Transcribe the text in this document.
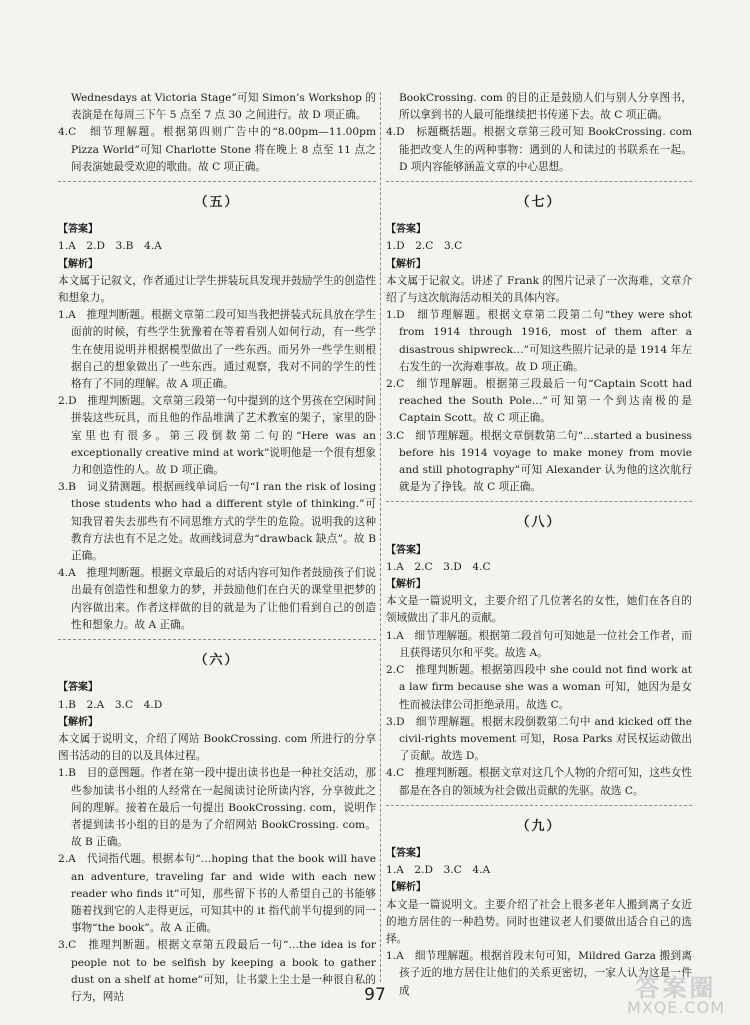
Wednesdays at Victoria Stage”可知 Simon’s Workshop 的表演是在每周三下午 5 点至 7 点 30 之间进行。故 D 项正确。

4.C　细节理解题。根据第四则广告中的“8.00pm—11.00pm Pizza World”可知 Charlotte Stone 将在晚上 8 点至 11 点之间表演她最受欢迎的歌曲。故 C 项正确。

（五）
【答案】

1.A　2.D　3.B　4.A

【解析】

本文属于记叙文，作者通过让学生拼装玩具发现并鼓励学生的创造性和想象力。

1.A　推理判断题。根据文章第二段可知当我把拼装式玩具放在学生面前的时候，有些学生犹豫着在等着看别人如何行动，有一些学生在使用说明并根据模型做出了一些东西。而另外一些学生则根据自己的想象做出了一些东西。通过观察，我对不同的学生的性格有了不同的理解。故 A 项正确。

2.D　推理判断题。文章第三段第一句中提到的这个男孩在空闲时间拼装这些玩具，而且他的作品堆满了艺术教室的架子，家里的卧室里也有很多。第三段倒数第二句的“Here was an exceptionally creative mind at work”说明他是一个很有想象力和创造性的人。故 D 项正确。

3.B　词义猜测题。根据画线单词后一句“I ran the risk of losing those students who had a different style of thinking.”可知我冒着失去那些有不同思维方式的学生的危险。说明我的这种教育方法也有不足之处。故画线词意为“drawback 缺点”。故 B 正确。

4.A　推理判断题。根据文章最后的对话内容可知作者鼓励孩子们说出最有创造性和想象力的梦，并鼓励他们在白天的课堂里把梦的内容做出来。作者这样做的目的就是为了让他们看到自己的创造性和想象力。故 A 正确。

（六）
【答案】

1.B　2.A　3.C　4.D

【解析】

本文属于说明文，介绍了网站 BookCrossing. com 所进行的分享图书活动的目的以及具体过程。

1.B　目的意图题。作者在第一段中提出读书也是一种社交活动，那些参加读书小组的人经常在一起阅读讨论所读内容，分享彼此之间的理解。接着在最后一句提出 BookCrossing. com，说明作者提到读书小组的目的是为了介绍网站 BookCrossing. com。故 B 正确。

2.A　代词指代题。根据本句“…hoping that the book will have an adventure, traveling far and wide with each new reader who finds it”可知，那些留下书的人希望自己的书能够随着找到它的人走得更远，可知其中的 it 指代前半句提到的同一事物“the book”。故 A 正确。

3.C　推理判断题。根据文章第五段最后一句“…the idea is for people not to be selfish by keeping a book to gather dust on a shelf at home”可知，让书蒙上尘土是一种很自私的行为，网站

BookCrossing. com 的目的正是鼓励人们与别人分享图书，所以拿到书的人最可能继续把书传递下去。故 C 项正确。

4.D　标题概括题。根据文章第三段可知 BookCrossing. com 能把改变人生的两种事物：遇到的人和读过的书联系在一起。D 项内容能够涵盖文章的中心思想。

（七）
【答案】

1.D　2.C　3.C

【解析】

本文属于记叙文。讲述了 Frank 的图片记录了一次海难，文章介绍了与这次航海活动相关的具体内容。

1.D　细节理解题。根据文章第二段第二句“they were shot from 1914 through 1916, most of them after a disastrous shipwreck…”可知这些照片记录的是 1914 年左右发生的一次海难事故。故 D 项正确。

2.C　细节理解题。根据第三段最后一句“Captain Scott had reached the South Pole…”可知第一个到达南极的是 Captain Scott。故 C 项正确。

3.C　细节理解题。根据文章倒数第二句“…started a business before his 1914 voyage to make money from movie and still photography”可知 Alexander 认为他的这次航行就是为了挣钱。故 C 项正确。

（八）
【答案】

1.A　2.C　3.D　4.C

【解析】

本文是一篇说明文，主要介绍了几位著名的女性，她们在各自的领域做出了非凡的贡献。

1.A　细节理解题。根据第二段首句可知她是一位社会工作者，而且获得诺贝尔和平奖。故选 A。

2.C　推理判断题。根据第四段中 she could not find work at a law firm because she was a woman 可知，她因为是女性而被法律公司拒绝录用。故选 C。

3.D　细节理解题。根据末段倒数第二句中 and kicked off the civil-rights movement 可知，Rosa Parks 对民权运动做出了贡献。故选 D。

4.C　推理判断题。根据文章对这几个人物的介绍可知，这些女性都是在各自的领域为社会做出贡献的先驱。故选 C。

（九）
【答案】

1.A　2.D　3.C　4.A

【解析】

本文是一篇说明文。主要介绍了社会上很多老年人搬到离子女近的地方居住的一种趋势。同时也建议老人们要做出适合自己的选择。

1.A　细节理解题。根据首段末句可知，Mildred Garza 搬到离孩子近的地方居住让他们的关系更密切，一家人认为这是一件成

97	答案圈
MXQE.COM
